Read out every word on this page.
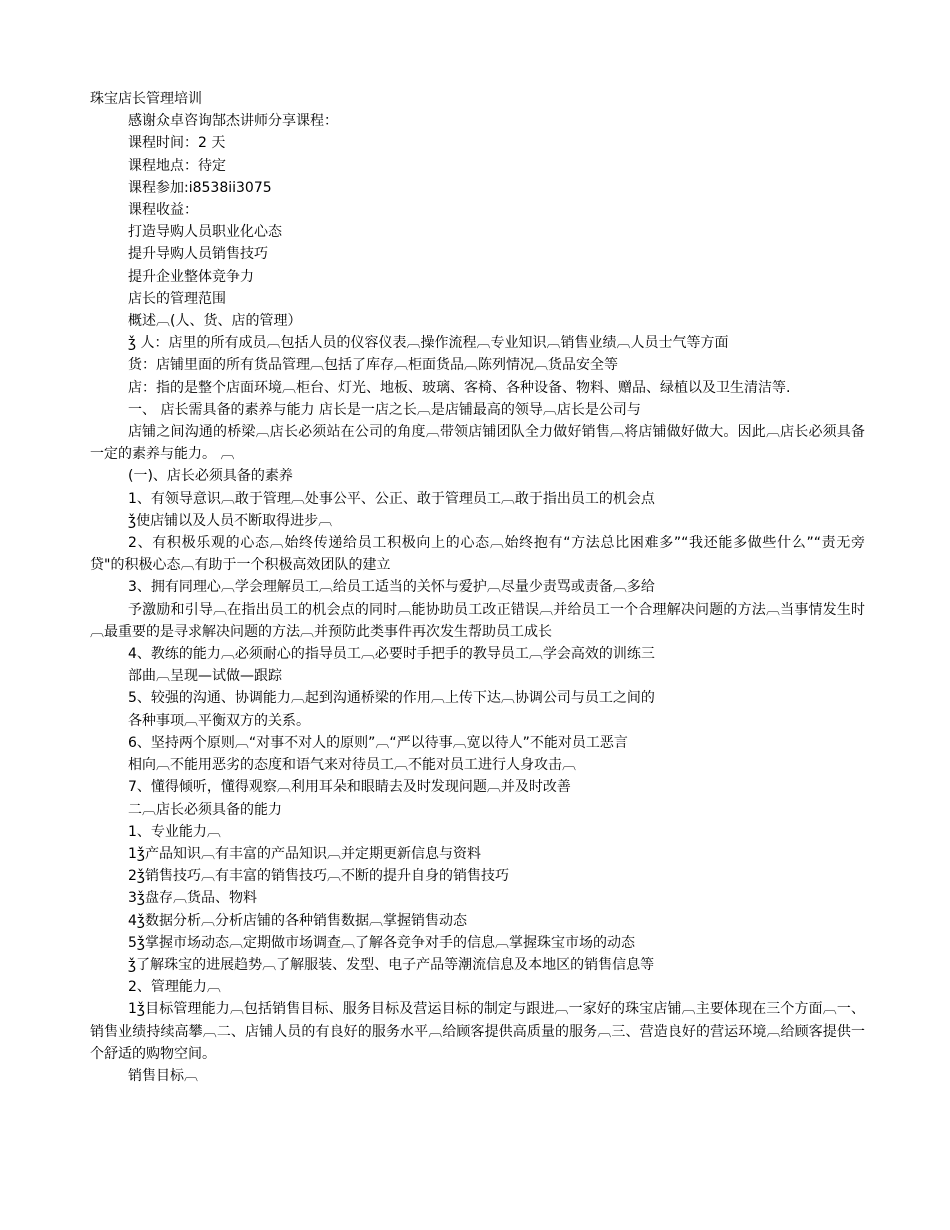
珠宝店长管理培训
感谢众卓咨询郜杰讲师分享课程：
课程时间：2 天
课程地点：待定
课程参加:i8538ii3075
课程收益：
打造导购人员职业化心态
提升导购人员销售技巧
提升企业整体竞争力
店长的管理范围
概述︹(人、货、店的管理）
ǯ 人：店里的所有成员︹包括人员的仪容仪表︹操作流程︹专业知识︹销售业绩︹人员士气等方面
货：店铺里面的所有货品管理︹包括了库存︹柜面货品︹陈列情况︹货品安全等
店：指的是整个店面环境︹柜台、灯光、地板、玻璃、客椅、各种设备、物料、赠品、绿植以及卫生清洁等.
一、 店长需具备的素养与能力 店长是一店之长︹是店铺最高的领导︹店长是公司与
店铺之间沟通的桥梁︹店长必须站在公司的角度︹带领店铺团队全力做好销售︹将店铺做好做大。因此︹店长必须具备一定的素养与能力。 ︹
(一)、店长必须具备的素养
1、有领导意识︹敢于管理︹处事公平、公正、敢于管理员工︹敢于指出员工的机会点
ǯ使店铺以及人员不断取得进步︹
2、有积极乐观的心态︹始终传递给员工积极向上的心态︹始终抱有“方法总比困难多”“我还能多做些什么”“责无旁贷"的积极心态︹有助于一个积极高效团队的建立
3、拥有同理心︹学会理解员工︹给员工适当的关怀与爱护︹尽量少责骂或责备︹多给
予激励和引导︹在指出员工的机会点的同时︹能协助员工改正错误︹并给员工一个合理解决问题的方法︹当事情发生时︹最重要的是寻求解决问题的方法︹并预防此类事件再次发生帮助员工成长
4、教练的能力︹必须耐心的指导员工︹必要时手把手的教导员工︹学会高效的训练三
部曲︹呈现—试做—跟踪
5、较强的沟通、协调能力︹起到沟通桥梁的作用︹上传下达︹协调公司与员工之间的
各种事项︹平衡双方的关系。
6、坚持两个原则︹“对事不对人的原则”︹“严以待事︹宽以待人”不能对员工恶言
相向︹不能用恶劣的态度和语气来对待员工︹不能对员工进行人身攻击︹
7、懂得倾听，懂得观察︹利用耳朵和眼睛去及时发现问题︹并及时改善
二︹店长必须具备的能力
1、专业能力︹
1ǯ产品知识︹有丰富的产品知识︹并定期更新信息与资料
2ǯ销售技巧︹有丰富的销售技巧︹不断的提升自身的销售技巧
3ǯ盘存︹货品、物料
4ǯ数据分析︹分析店铺的各种销售数据︹掌握销售动态
5ǯ掌握市场动态︹定期做市场调查︹了解各竞争对手的信息︹掌握珠宝市场的动态
ǯ了解珠宝的进展趋势︹了解服装、发型、电子产品等潮流信息及本地区的销售信息等
2、管理能力︹
1ǯ目标管理能力︹包括销售目标、服务目标及营运目标的制定与跟进︹一家好的珠宝店铺︹主要体现在三个方面︹一、销售业绩持续高攀︹二、店铺人员的有良好的服务水平︹给顾客提供高质量的服务︹三、营造良好的营运环境︹给顾客提供一个舒适的购物空间。
销售目标︹
